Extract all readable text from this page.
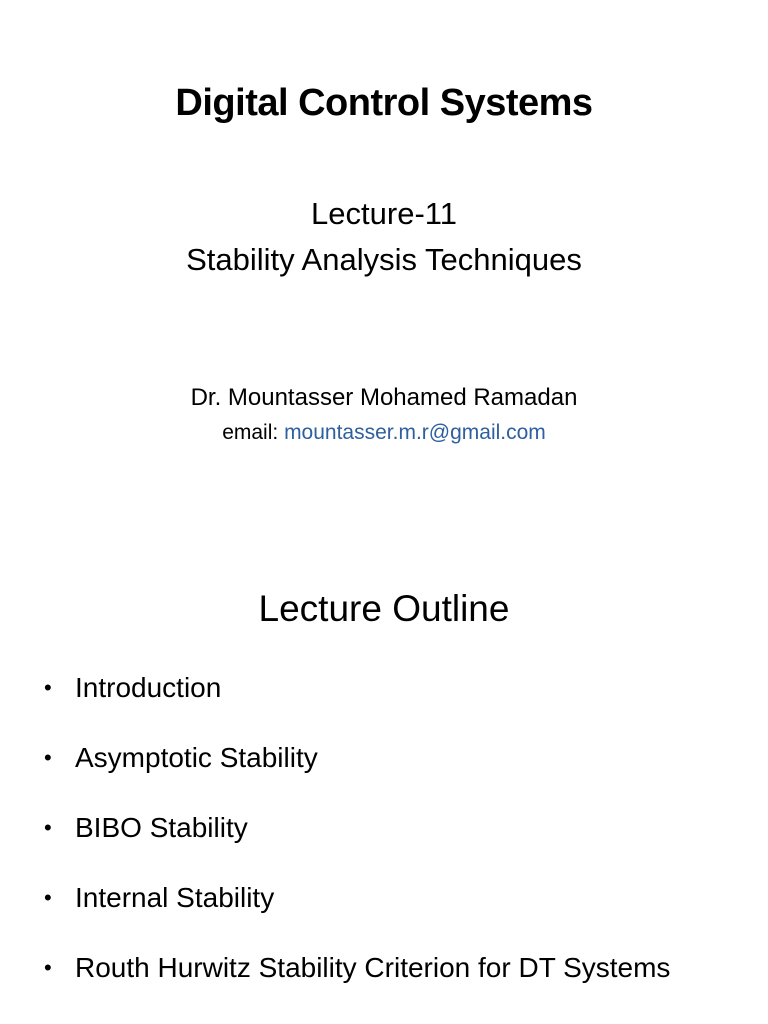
Digital Control Systems
Lecture-11
Stability Analysis Techniques
Dr. Mountasser Mohamed Ramadan
email: mountasser.m.r@gmail.com
Lecture Outline
• Introduction
• Asymptotic Stability
• BIBO Stability
• Internal Stability
• Routh Hurwitz Stability Criterion for DT Systems
